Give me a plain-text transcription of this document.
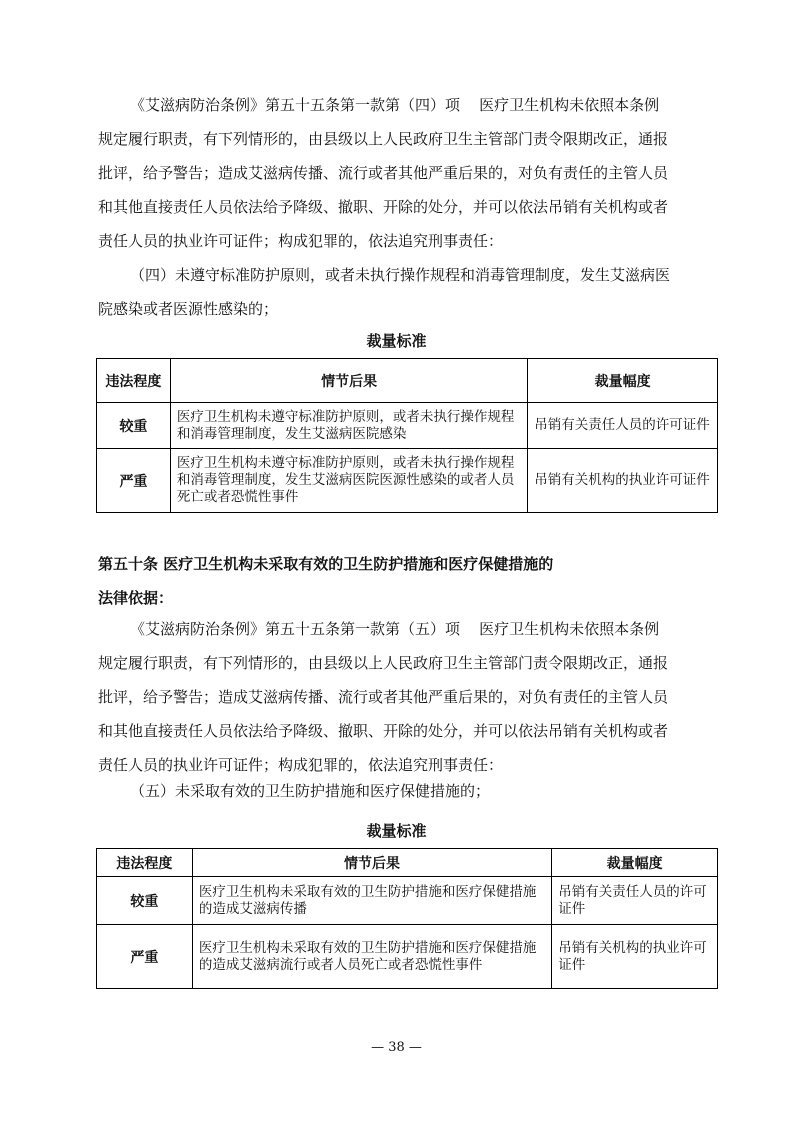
《艾滋病防治条例》第五十五条第一款第（四）项    医疗卫生机构未依照本条例
规定履行职责，有下列情形的，由县级以上人民政府卫生主管部门责令限期改正，通报
批评，给予警告；造成艾滋病传播、流行或者其他严重后果的，对负有责任的主管人员
和其他直接责任人员依法给予降级、撤职、开除的处分，并可以依法吊销有关机构或者
责任人员的执业许可证件；构成犯罪的，依法追究刑事责任：
（四）未遵守标准防护原则，或者未执行操作规程和消毒管理制度，发生艾滋病医
院感染或者医源性感染的；
裁量标准
违法程度	情节后果	裁量幅度
较重	医疗卫生机构未遵守标准防护原则，或者未执行操作规程和消毒管理制度，发生艾滋病医院感染	吊销有关责任人员的许可证件
严重	医疗卫生机构未遵守标准防护原则，或者未执行操作规程和消毒管理制度，发生艾滋病医院医源性感染的或者人员死亡或者恐慌性事件	吊销有关机构的执业许可证件
第五十条 医疗卫生机构未采取有效的卫生防护措施和医疗保健措施的
法律依据：
《艾滋病防治条例》第五十五条第一款第（五）项    医疗卫生机构未依照本条例
规定履行职责，有下列情形的，由县级以上人民政府卫生主管部门责令限期改正，通报
批评，给予警告；造成艾滋病传播、流行或者其他严重后果的，对负有责任的主管人员
和其他直接责任人员依法给予降级、撤职、开除的处分，并可以依法吊销有关机构或者
责任人员的执业许可证件；构成犯罪的，依法追究刑事责任：
（五）未采取有效的卫生防护措施和医疗保健措施的；
裁量标准
违法程度	情节后果	裁量幅度
较重	医疗卫生机构未采取有效的卫生防护措施和医疗保健措施的造成艾滋病传播	吊销有关责任人员的许可证件
严重	医疗卫生机构未采取有效的卫生防护措施和医疗保健措施的造成艾滋病流行或者人员死亡或者恐慌性事件	吊销有关机构的执业许可证件
— 38 —
